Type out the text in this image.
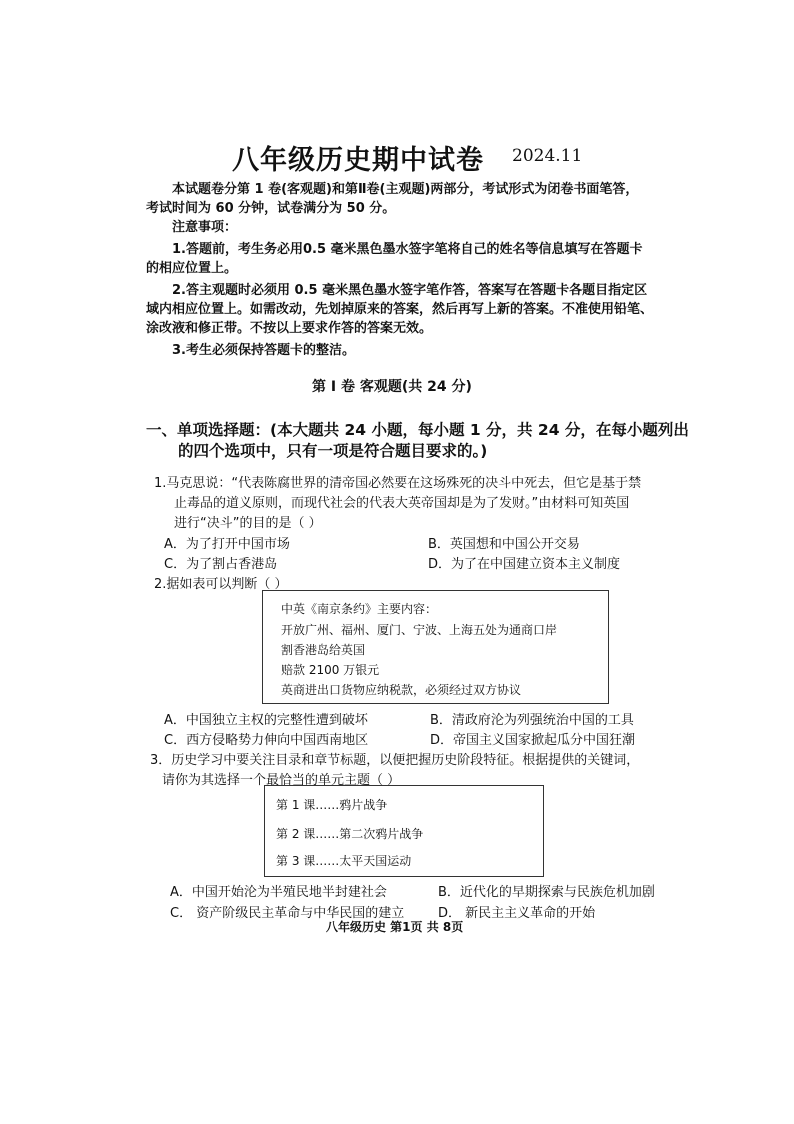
八年级历史期中试卷 2024.11
本试题卷分第 1 卷(客观题)和第Ⅱ卷(主观题)两部分，考试形式为闭卷书面笔答，
考试时间为 60 分钟，试卷满分为 50 分。
注意事项：
1.答题前，考生务必用0.5 毫米黑色墨水签字笔将自己的姓名等信息填写在答题卡
的相应位置上。
2.答主观题时必须用 0.5 毫米黑色墨水签字笔作答，答案写在答题卡各题目指定区
域内相应位置上。如需改动，先划掉原来的答案，然后再写上新的答案。不准使用铅笔、
涂改液和修正带。不按以上要求作答的答案无效。
3.考生必须保持答题卡的整洁。
第 I 卷 客观题(共 24 分)
一、单项选择题：(本大题共 24 小题，每小题 1 分，共 24 分，在每小题列出
的四个选项中，只有一项是符合题目要求的。)
1.马克思说：“代表陈腐世界的清帝国必然要在这场殊死的决斗中死去，但它是基于禁
止毒品的道义原则，而现代社会的代表大英帝国却是为了发财。”由材料可知英国
进行“决斗”的目的是（ ）
A．为了打开中国市场	B．英国想和中国公开交易
C．为了割占香港岛	D．为了在中国建立资本主义制度
2.据如表可以判断（ ）
中英《南京条约》主要内容：
开放广州、福州、厦门、宁波、上海五处为通商口岸
割香港岛给英国
赔款 2100 万银元
英商进出口货物应纳税款，必须经过双方协议
A．中国独立主权的完整性遭到破坏	B．清政府沦为列强统治中国的工具
C．西方侵略势力伸向中国西南地区	D．帝国主义国家掀起瓜分中国狂潮
3．历史学习中要关注目录和章节标题，以便把握历史阶段特征。根据提供的关键词，
请你为其选择一个最恰当的单元主题（ ）
第 1 课……鸦片战争
第 2 课……第二次鸦片战争
第 3 课……太平天国运动
A．中国开始沦为半殖民地半封建社会	B．近代化的早期探索与民族危机加剧
C． 资产阶级民主革命与中华民国的建立	D． 新民主主义革命的开始
八年级历史 第1页 共 8页
